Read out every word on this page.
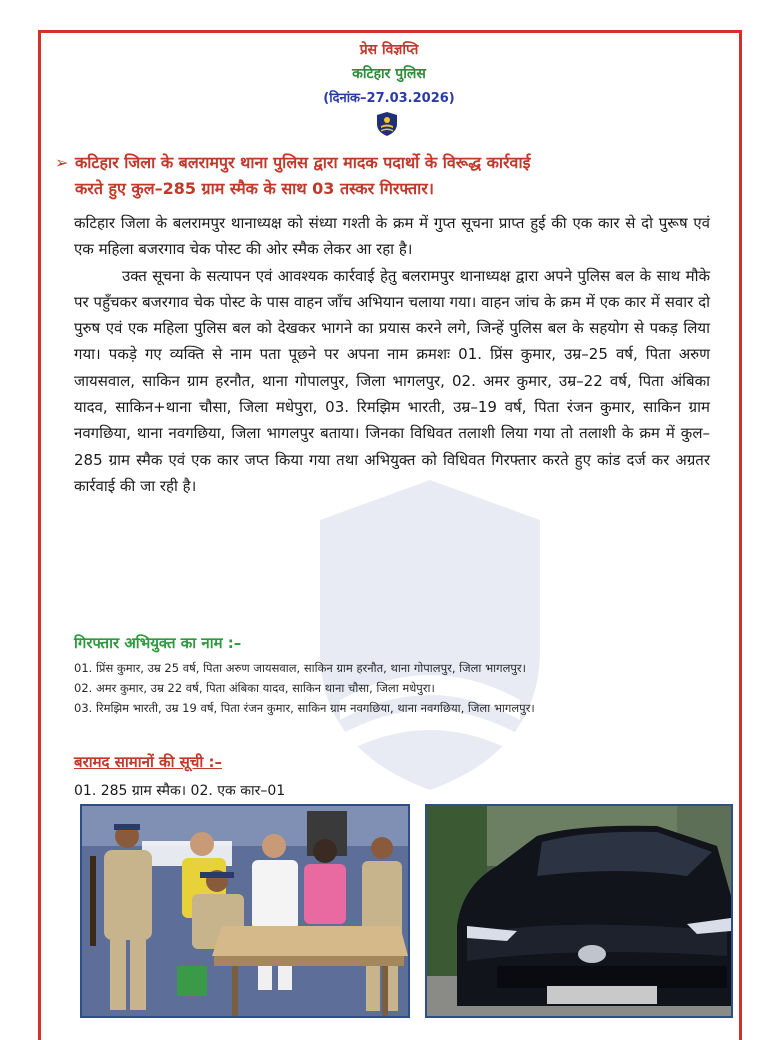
प्रेस विज्ञप्ति
कटिहार पुलिस
(दिनांक–27.03.2026)
➢ कटिहार जिला के बलरामपुर थाना पुलिस द्वारा मादक पदार्थो के विरूद्ध कार्रवाई
करते हुए कुल–285 ग्राम स्मैक के साथ 03 तस्कर गिरफ्तार।

कटिहार जिला के बलरामपुर थानाध्यक्ष को संध्या गश्ती के क्रम में गुप्त सूचना प्राप्त हुई की एक कार से दो पुरूष एवं एक महिला बजरगाव चेक पोस्ट की ओर स्मैक लेकर आ रहा है।

उक्त सूचना के सत्यापन एवं आवश्यक कार्रवाई हेतु बलरामपुर थानाध्यक्ष द्वारा अपने पुलिस बल के साथ मौके पर पहुँचकर बजरगाव चेक पोस्ट के पास वाहन जाँच अभियान चलाया गया। वाहन जांच के क्रम में एक कार में सवार दो पुरुष एवं एक महिला पुलिस बल को देखकर भागने का प्रयास करने लगे, जिन्हें पुलिस बल के सहयोग से पकड़ लिया गया। पकड़े गए व्यक्ति से नाम पता पूछने पर अपना नाम क्रमशः 01. प्रिंस कुमार, उम्र–25 वर्ष, पिता अरुण जायसवाल, साकिन ग्राम हरनौत, थाना गोपालपुर, जिला भागलपुर, 02. अमर कुमार, उम्र–22 वर्ष, पिता अंबिका यादव, साकिन+थाना चौसा, जिला मधेपुरा, 03. रिमझिम भारती, उम्र–19 वर्ष, पिता रंजन कुमार, साकिन ग्राम नवगछिया, थाना नवगछिया, जिला भागलपुर बताया। जिनका विधिवत तलाशी लिया गया तो तलाशी के क्रम में कुल–285 ग्राम स्मैक एवं एक कार जप्त किया गया तथा अभियुक्त को विधिवत गिरफ्तार करते हुए कांड दर्ज कर अग्रतर कार्रवाई की जा रही है।

गिरफ्तार अभियुक्त का नाम :–
01. प्रिंस कुमार, उम्र 25 वर्ष, पिता अरुण जायसवाल, साकिन ग्राम हरनौत, थाना गोपालपुर, जिला भागलपुर।
02. अमर कुमार, उम्र 22 वर्ष, पिता अंबिका यादव, साकिन थाना चौसा, जिला मधेपुरा।
03. रिमझिम भारती, उम्र 19 वर्ष, पिता रंजन कुमार, साकिन ग्राम नवगछिया, थाना नवगछिया, जिला भागलपुर।
बरामद सामानों की सूची :–
01. 285 ग्राम स्मैक। 02. एक कार–01
